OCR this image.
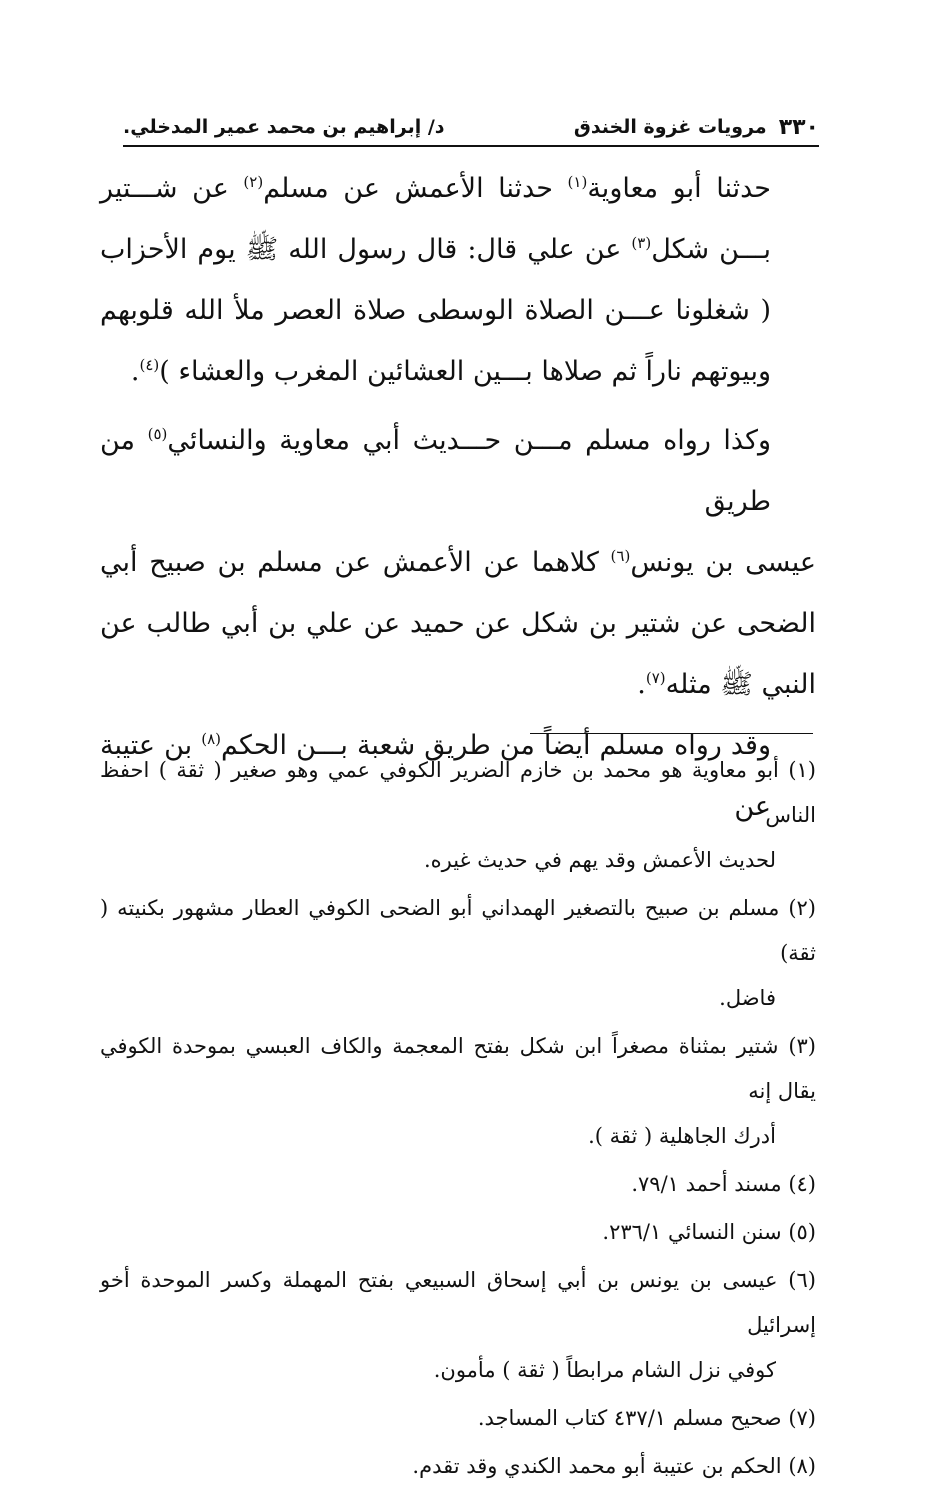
٣٣٠
مرويات غزوة الخندق
د/ إبراهيم بن محمد عمير المدخلي.

حدثنا أبو معاوية$^{(١)}$ حدثنا الأعمش عن مسلم$^{(٢)}$ عن شـــتير بـــن شكل$^{(٣)}$ عن علي قال: قال رسول الله ﷺ يوم الأحزاب ( شغلونا عـــن الصلاة الوسطى صلاة العصر ملأ الله قلوبهم وبيوتهم ناراً ثم صلاها بـــين العشائين المغرب والعشاء )$^{(٤)}$.

وكذا رواه مسلم مـــن حـــديث أبي معاوية والنسائي$^{(٥)}$ من طريق

عيسى بن يونس$^{(٦)}$ كلاهما عن الأعمش عن مسلم بن صبيح أبي الضحى عن شتير بن شكل عن حميد عن علي بن أبي طالب عن النبي ﷺ مثله$^{(٧)}$.

وقد رواه مسلم أيضاً من طريق شعبة بـــن الحكم$^{(٨)}$ بن عتيبة عن

(١) أبو معاوية هو محمد بن خازم الضرير الكوفي عمي وهو صغير ( ثقة ) احفظ الناس
لحديث الأعمش وقد يهم في حديث غيره.
(٢) مسلم بن صبيح بالتصغير الهمداني أبو الضحى الكوفي العطار مشهور بكنيته ( ثقة)
فاضل.
(٣) شتير بمثناة مصغراً ابن شكل بفتح المعجمة والكاف العبسي بموحدة الكوفي يقال إنه
أدرك الجاهلية ( ثقة ).
(٤) مسند أحمد ٧٩/١.
(٥) سنن النسائي ٢٣٦/١.
(٦) عيسى بن يونس بن أبي إسحاق السبيعي بفتح المهملة وكسر الموحدة أخو إسرائيل
كوفي نزل الشام مرابطاً ( ثقة ) مأمون.
(٧) صحيح مسلم ٤٣٧/١ كتاب المساجد.
(٨) الحكم بن عتيبة أبو محمد الكندي وقد تقدم.
